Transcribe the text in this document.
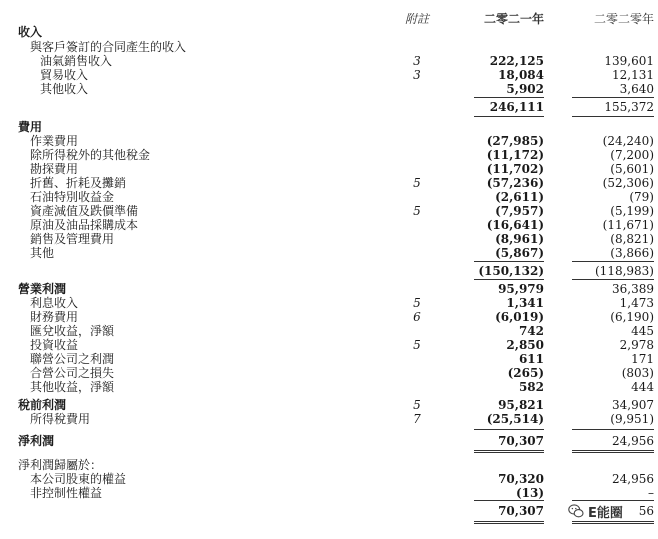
附註	二零二一年	二零二零年
收入
與客戶簽訂的合同產生的收入
油氣銷售收入	3	222,125	139,601
貿易收入	3	18,084	12,131
其他收入	5,902	3,640
246,111	155,372
費用
作業費用	(27,985)	(24,240)
除所得稅外的其他稅金	(11,172)	(7,200)
勘探費用	(11,702)	(5,601)
折舊、折耗及攤銷	5	(57,236)	(52,306)
石油特別收益金	(2,611)	(79)
資產減值及跌價準備	5	(7,957)	(5,199)
原油及油品採購成本	(16,641)	(11,671)
銷售及管理費用	(8,961)	(8,821)
其他	(5,867)	(3,866)
(150,132)	(118,983)
營業利潤	95,979	36,389
利息收入	5	1,341	1,473
財務費用	6	(6,019)	(6,190)
匯兌收益，淨額	742	445
投資收益	5	2,850	2,978
聯營公司之利潤	611	171
合營公司之損失	(265)	(803)
其他收益，淨額	582	444
稅前利潤	5	95,821	34,907
所得稅費用	7	(25,514)	(9,951)
淨利潤	70,307	24,956
淨利潤歸屬於：
本公司股東的權益	70,320	24,956
非控制性權益	(13)	–
70,307	56
E能圈
